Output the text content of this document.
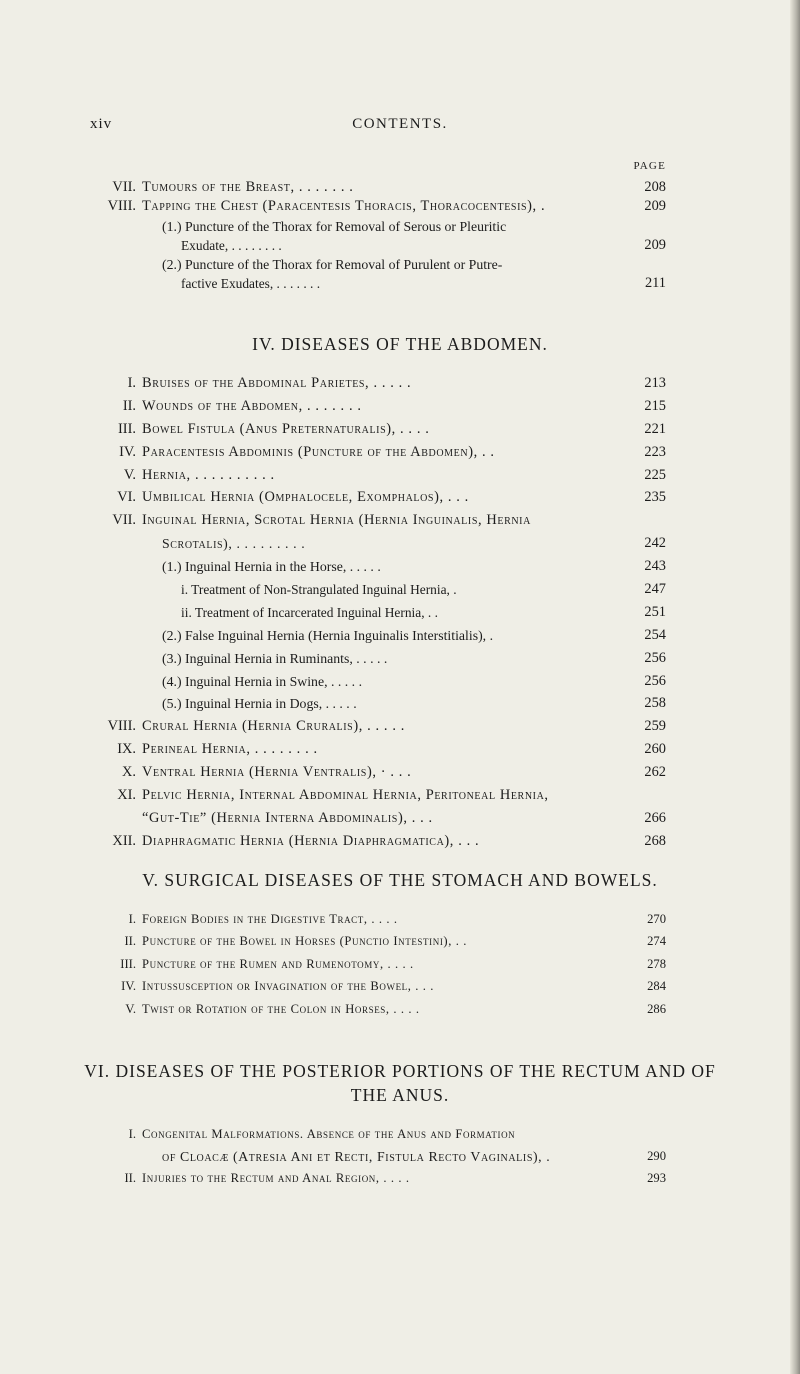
xiv	CONTENTS.
PAGE
VII. Tumours of the Breast, . . . . . . .	208
VIII. Tapping the Chest (Paracentesis Thoracis, Thoracocentesis), .	209
(1.) Puncture of the Thorax for Removal of Serous or Pleuritic
Exudate, . . . . . . . .	209
(2.) Puncture of the Thorax for Removal of Purulent or Putre-
factive Exudates, . . . . . . .	211
IV. DISEASES OF THE ABDOMEN.
I. Bruises of the Abdominal Parietes, . . . . .	213
II. Wounds of the Abdomen, . . . . . . .	215
III. Bowel Fistula (Anus Preternaturalis), . . . .	221
IV. Paracentesis Abdominis (Puncture of the Abdomen), . .	223
V. Hernia, . . . . . . . . . .	225
VI. Umbilical Hernia (Omphalocele, Exomphalos), . . .	235
VII. Inguinal Hernia, Scrotal Hernia (Hernia Inguinalis, Hernia
Scrotalis), . . . . . . . . .	242
(1.) Inguinal Hernia in the Horse, . . . . .	243
i. Treatment of Non-Strangulated Inguinal Hernia, .	247
ii. Treatment of Incarcerated Inguinal Hernia, . .	251
(2.) False Inguinal Hernia (Hernia Inguinalis Interstitialis), .	254
(3.) Inguinal Hernia in Ruminants, . . . . .	256
(4.) Inguinal Hernia in Swine, . . . . .	256
(5.) Inguinal Hernia in Dogs, . . . . .	258
VIII. Crural Hernia (Hernia Cruralis), . . . . .	259
IX. Perineal Hernia, . . . . . . . .	260
X. Ventral Hernia (Hernia Ventralis), · . . .	262
XI. Pelvic Hernia, Internal Abdominal Hernia, Peritoneal Hernia,
“Gut-Tie” (Hernia Interna Abdominalis), . . .	266
XII. Diaphragmatic Hernia (Hernia Diaphragmatica), . . .	268
V. SURGICAL DISEASES OF THE STOMACH AND BOWELS.
I. Foreign Bodies in the Digestive Tract, . . . .	270
II. Puncture of the Bowel in Horses (Punctio Intestini), . .	274
III. Puncture of the Rumen and Rumenotomy, . . . .	278
IV. Intussusception or Invagination of the Bowel, . . .	284
V. Twist or Rotation of the Colon in Horses, . . . .	286
VI. DISEASES OF THE POSTERIOR PORTIONS OF THE RECTUM AND OF THE ANUS.
I. Congenital Malformations. Absence of the Anus and Formation
of Cloacæ (Atresia Ani et Recti, Fistula Recto Vaginalis), .	290
II. Injuries to the Rectum and Anal Region, . . . .	293
